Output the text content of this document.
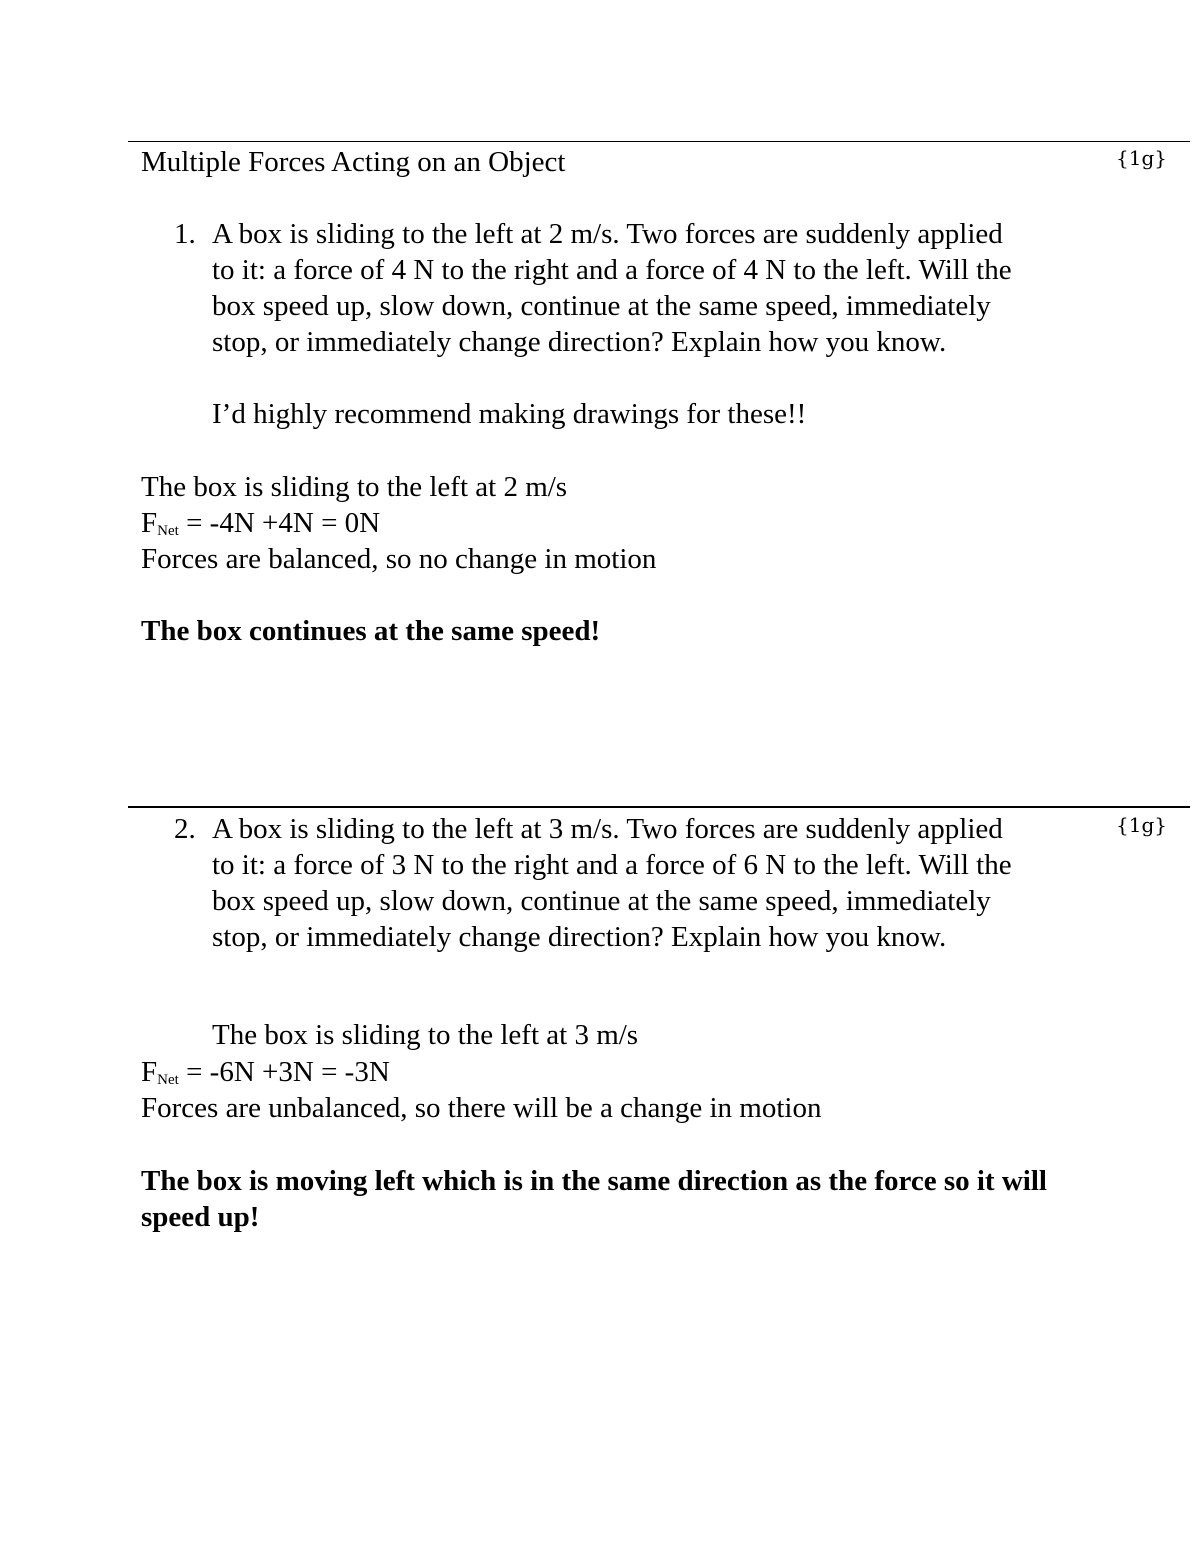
Multiple Forces Acting on an Object	{1g}
1. A box is sliding to the left at 2 m/s. Two forces are suddenly applied
to it: a force of 4 N to the right and a force of 4 N to the left. Will the
box speed up, slow down, continue at the same speed, immediately
stop, or immediately change direction? Explain how you know.
I’d highly recommend making drawings for these!!
The box is sliding to the left at 2 m/s
$F_{Net} = -4N +4N = 0N$
Forces are balanced, so no change in motion
The box continues at the same speed!
2.	{1g}
A box is sliding to the left at 3 m/s. Two forces are suddenly applied
to it: a force of 3 N to the right and a force of 6 N to the left. Will the
box speed up, slow down, continue at the same speed, immediately
stop, or immediately change direction? Explain how you know.
The box is sliding to the left at 3 m/s
$F_{Net} = -6N +3N = -3N$
Forces are unbalanced, so there will be a change in motion
The box is moving left which is in the same direction as the force so it will speed up!
